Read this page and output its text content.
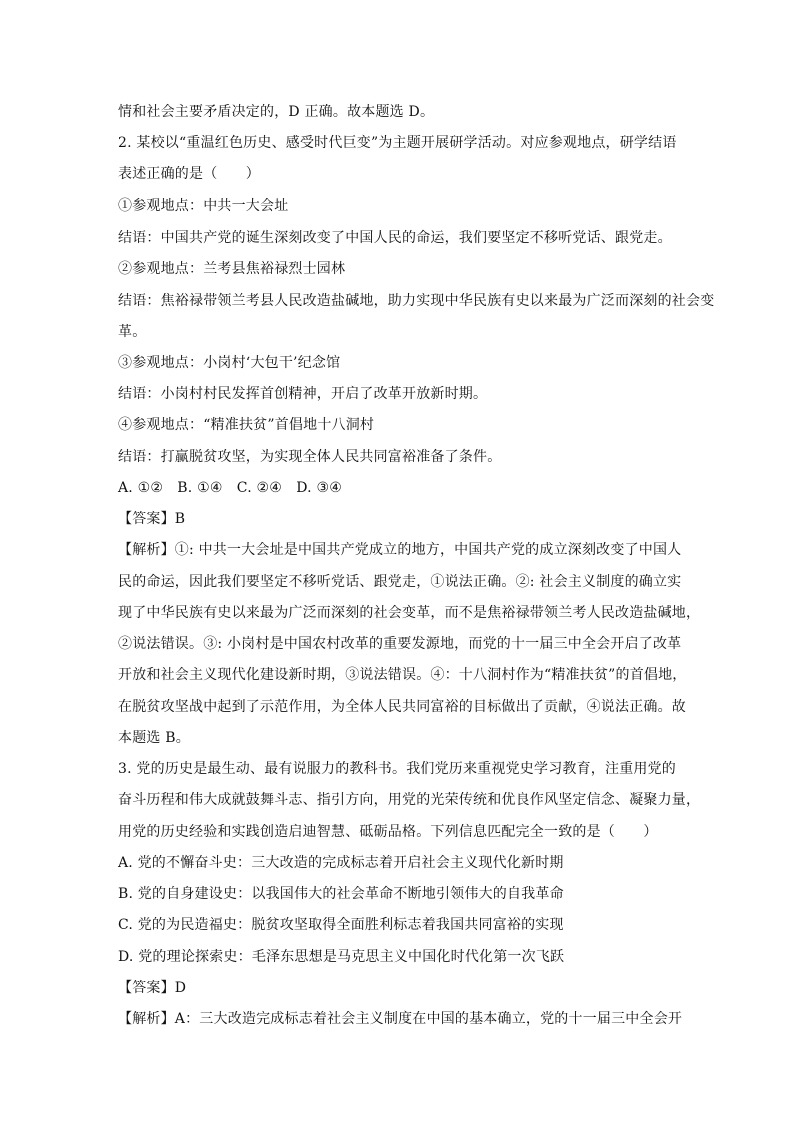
情和社会主要矛盾决定的，D 正确。故本题选 D。
2. 某校以“重温红色历史、感受时代巨变”为主题开展研学活动。对应参观地点，研学结语
表述正确的是（　　）
①参观地点：中共一大会址
结语：中国共产党的诞生深刻改变了中国人民的命运，我们要坚定不移听党话、跟党走。
②参观地点：兰考县焦裕禄烈士园林
结语：焦裕禄带领兰考县人民改造盐碱地，助力实现中华民族有史以来最为广泛而深刻的社会变
革。
③参观地点：小岗村‘大包干’纪念馆
结语：小岗村村民发挥首创精神，开启了改革开放新时期。
④参观地点：“精准扶贫”首倡地十八洞村
结语：打赢脱贫攻坚，为实现全体人民共同富裕准备了条件。
A. ①②　B. ①④　C. ②④　D. ③④
【答案】B
【解析】①: 中共一大会址是中国共产党成立的地方，中国共产党的成立深刻改变了中国人
民的命运，因此我们要坚定不移听党话、跟党走，①说法正确。②: 社会主义制度的确立实
现了中华民族有史以来最为广泛而深刻的社会变革，而不是焦裕禄带领兰考人民改造盐碱地，
②说法错误。③: 小岗村是中国农村改革的重要发源地，而党的十一届三中全会开启了改革
开放和社会主义现代化建设新时期，③说法错误。④：十八洞村作为“精准扶贫”的首倡地，
在脱贫攻坚战中起到了示范作用，为全体人民共同富裕的目标做出了贡献，④说法正确。故
本题选 B。
3. 党的历史是最生动、最有说服力的教科书。我们党历来重视党史学习教育，注重用党的
奋斗历程和伟大成就鼓舞斗志、指引方向，用党的光荣传统和优良作风坚定信念、凝聚力量，
用党的历史经验和实践创造启迪智慧、砥砺品格。下列信息匹配完全一致的是（　　）
A. 党的不懈奋斗史：三大改造的完成标志着开启社会主义现代化新时期
B. 党的自身建设史：以我国伟大的社会革命不断地引领伟大的自我革命
C. 党的为民造福史：脱贫攻坚取得全面胜利标志着我国共同富裕的实现
D. 党的理论探索史：毛泽东思想是马克思主义中国化时代化第一次飞跃
【答案】D
【解析】A：三大改造完成标志着社会主义制度在中国的基本确立，党的十一届三中全会开
